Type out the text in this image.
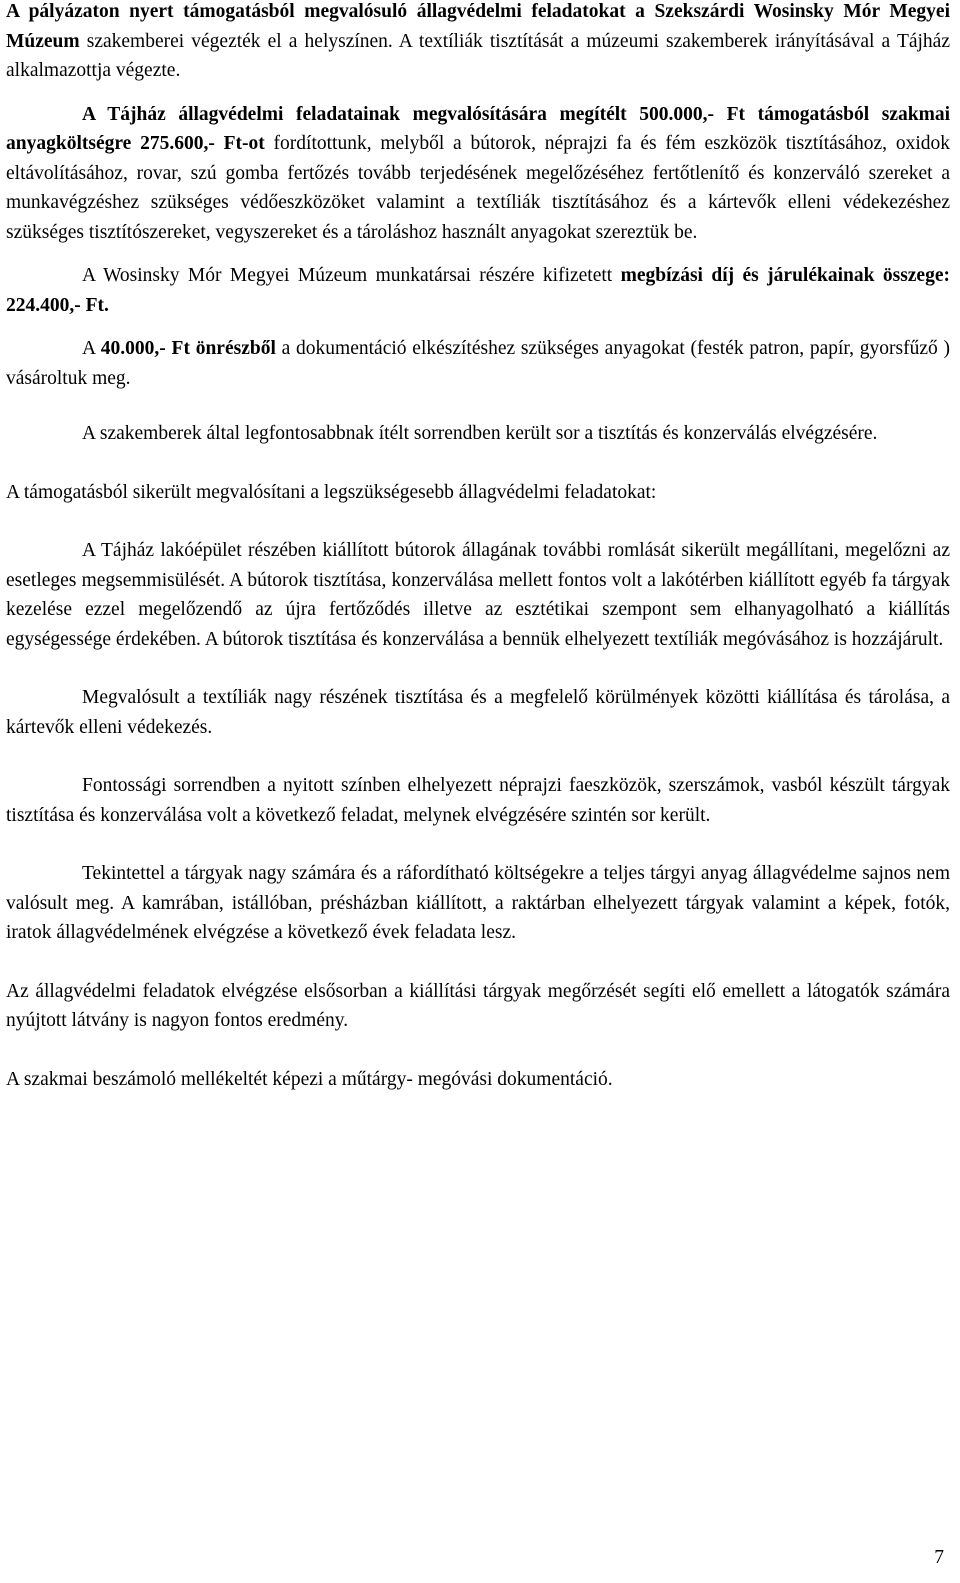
A pályázaton nyert támogatásból megvalósuló állagvédelmi feladatokat a Szekszárdi Wosinsky Mór Megyei Múzeum szakemberei végezték el a helyszínen. A textíliák tisztítását a múzeumi szakemberek irányításával a Tájház alkalmazottja végezte.

A Tájház állagvédelmi feladatainak megvalósítására megítélt 500.000,- Ft támogatásból szakmai anyagköltségre 275.600,- Ft-ot fordítottunk, melyből a bútorok, néprajzi fa és fém eszközök tisztításához, oxidok eltávolításához, rovar, szú gomba fertőzés tovább terjedésének megelőzéséhez fertőtlenítő és konzerváló szereket a munkavégzéshez szükséges védőeszközöket valamint a textíliák tisztításához és a kártevők elleni védekezéshez szükséges tisztítószereket, vegyszereket és a tároláshoz használt anyagokat szereztük be.

A Wosinsky Mór Megyei Múzeum munkatársai részére kifizetett megbízási díj és járulékainak összege: 224.400,- Ft.

A 40.000,- Ft önrészből a dokumentáció elkészítéshez szükséges anyagokat (festék patron, papír, gyorsfűző ) vásároltuk meg.

A szakemberek által legfontosabbnak ítélt sorrendben került sor a tisztítás és konzerválás elvégzésére.

A támogatásból sikerült megvalósítani a legszükségesebb állagvédelmi feladatokat:

A Tájház lakóépület részében kiállított bútorok állagának további romlását sikerült megállítani, megelőzni az esetleges megsemmisülését. A bútorok tisztítása, konzerválása mellett fontos volt a lakótérben kiállított egyéb fa tárgyak kezelése ezzel megelőzendő az újra fertőződés illetve az esztétikai szempont sem elhanyagolható a kiállítás egységessége érdekében. A bútorok tisztítása és konzerválása a bennük elhelyezett textíliák megóvásához is hozzájárult.

Megvalósult a textíliák nagy részének tisztítása és a megfelelő körülmények közötti kiállítása és tárolása, a kártevők elleni védekezés.

Fontossági sorrendben a nyitott színben elhelyezett néprajzi faeszközök, szerszámok, vasból készült tárgyak tisztítása és konzerválása volt a következő feladat, melynek elvégzésére szintén sor került.

Tekintettel a tárgyak nagy számára és a ráfordítható költségekre a teljes tárgyi anyag állagvédelme sajnos nem valósult meg. A kamrában, istállóban, présházban kiállított, a raktárban elhelyezett tárgyak valamint a képek, fotók, iratok állagvédelmének elvégzése a következő évek feladata lesz.

Az állagvédelmi feladatok elvégzése elsősorban a kiállítási tárgyak megőrzését segíti elő emellett a látogatók számára nyújtott látvány is nagyon fontos eredmény.

A szakmai beszámoló mellékeltét képezi a műtárgy- megóvási dokumentáció.

7
